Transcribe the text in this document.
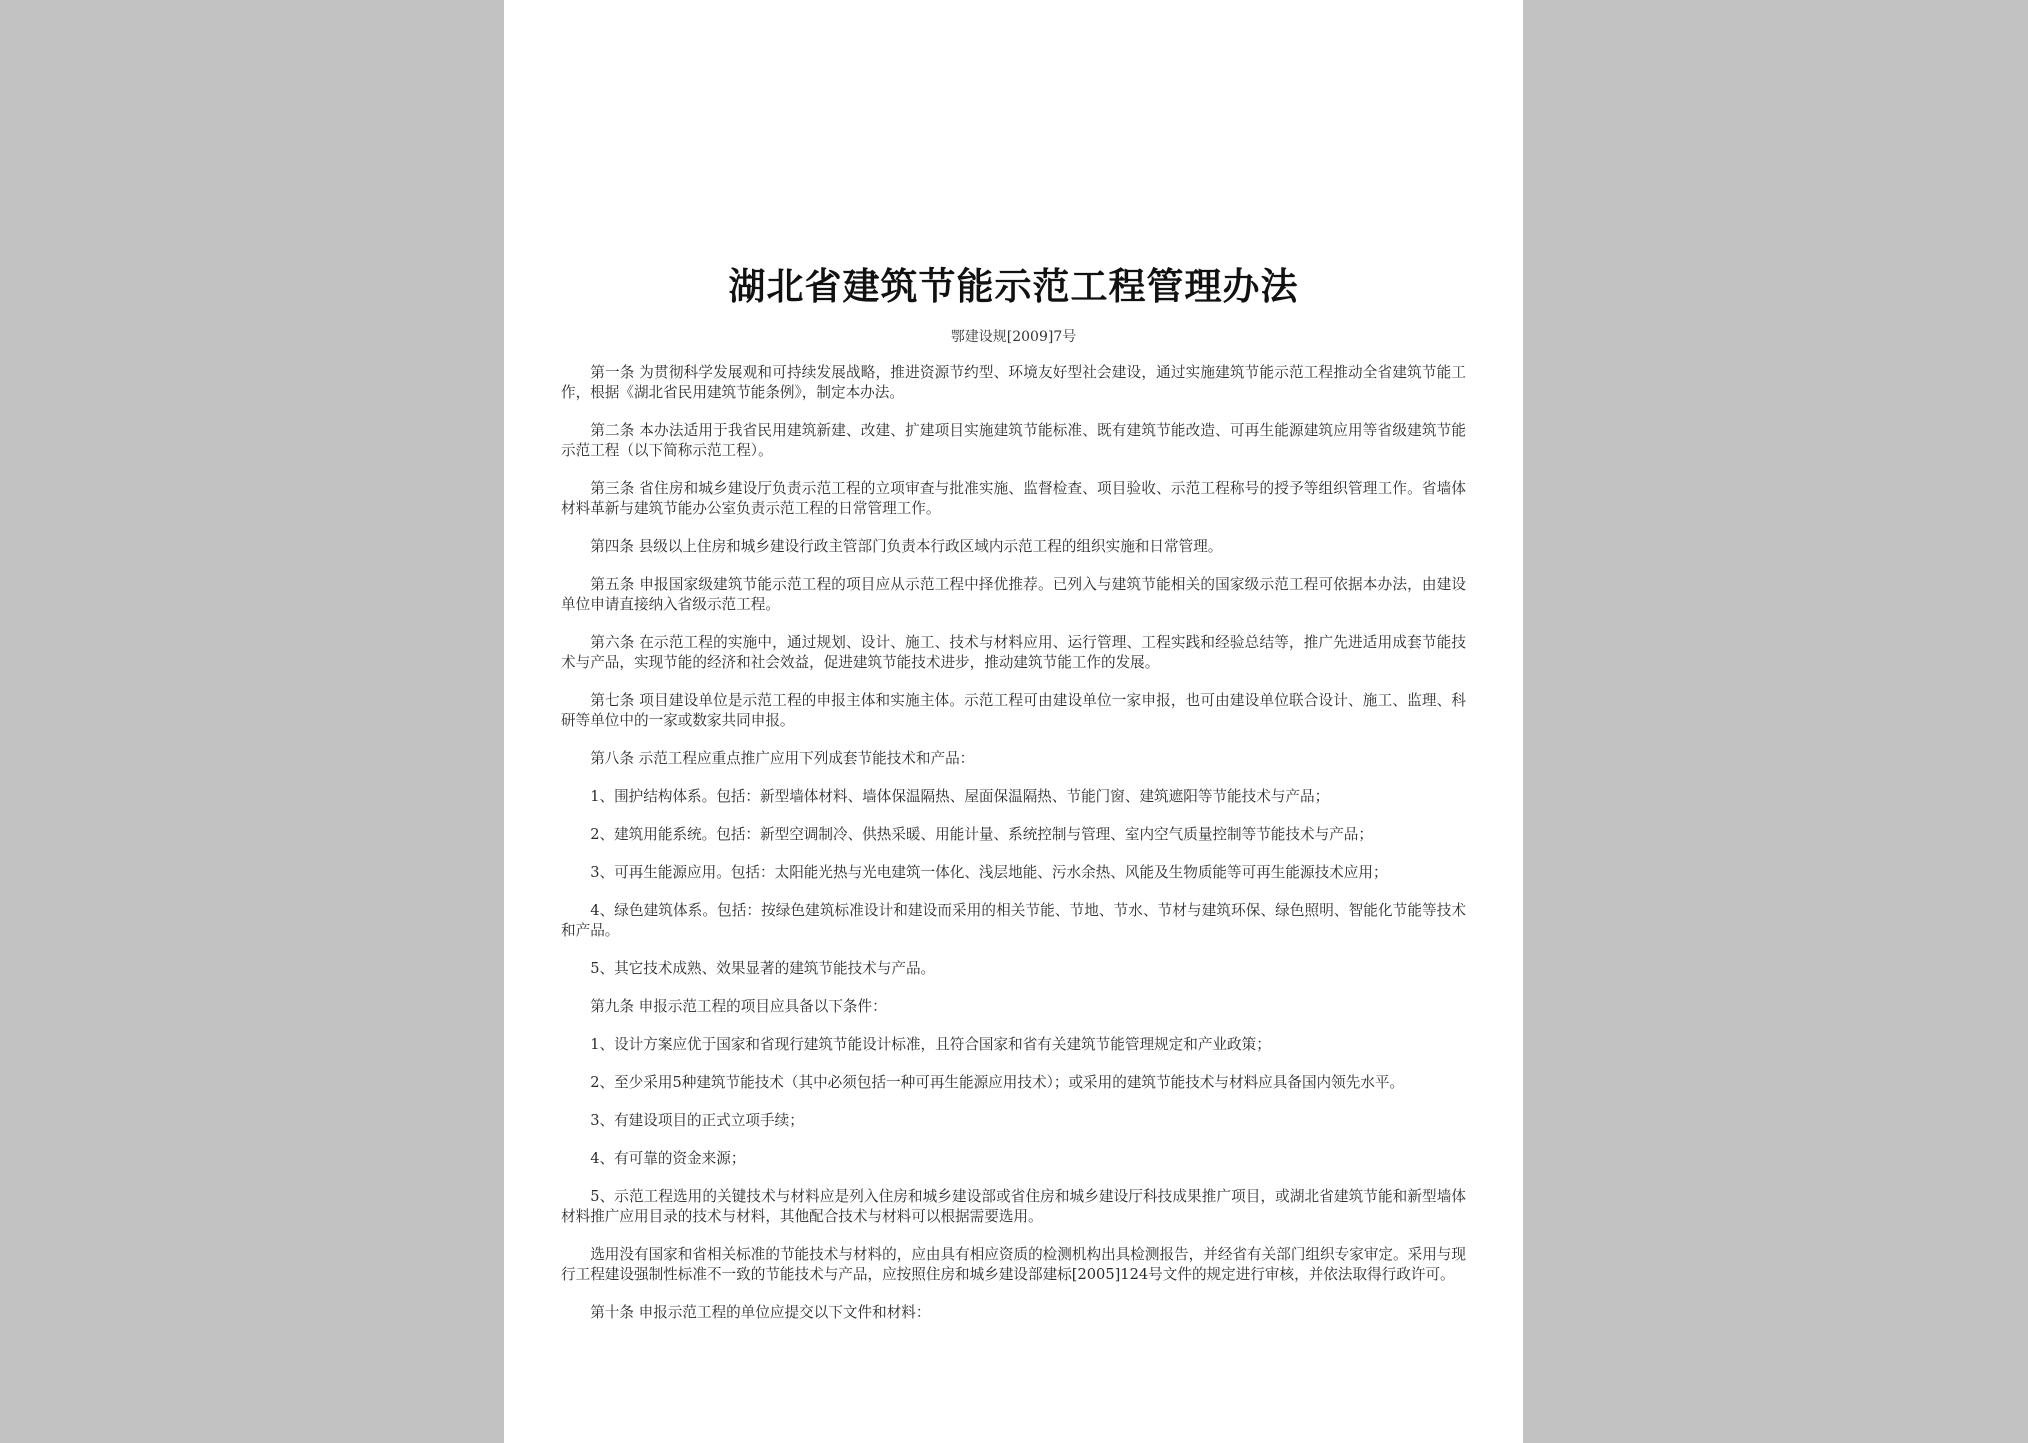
湖北省建筑节能示范工程管理办法
鄂建设规[2009]7号

第一条 为贯彻科学发展观和可持续发展战略，推进资源节约型、环境友好型社会建设，通过实施建筑节能示范工程推动全省建筑节能工作，根据《湖北省民用建筑节能条例》，制定本办法。

第二条 本办法适用于我省民用建筑新建、改建、扩建项目实施建筑节能标准、既有建筑节能改造、可再生能源建筑应用等省级建筑节能示范工程（以下简称示范工程）。

第三条 省住房和城乡建设厅负责示范工程的立项审查与批准实施、监督检查、项目验收、示范工程称号的授予等组织管理工作。省墙体材料革新与建筑节能办公室负责示范工程的日常管理工作。

第四条 县级以上住房和城乡建设行政主管部门负责本行政区域内示范工程的组织实施和日常管理。

第五条 申报国家级建筑节能示范工程的项目应从示范工程中择优推荐。已列入与建筑节能相关的国家级示范工程可依据本办法，由建设单位申请直接纳入省级示范工程。

第六条 在示范工程的实施中，通过规划、设计、施工、技术与材料应用、运行管理、工程实践和经验总结等，推广先进适用成套节能技术与产品，实现节能的经济和社会效益，促进建筑节能技术进步，推动建筑节能工作的发展。

第七条 项目建设单位是示范工程的申报主体和实施主体。示范工程可由建设单位一家申报，也可由建设单位联合设计、施工、监理、科研等单位中的一家或数家共同申报。

第八条 示范工程应重点推广应用下列成套节能技术和产品：

1、围护结构体系。包括：新型墙体材料、墙体保温隔热、屋面保温隔热、节能门窗、建筑遮阳等节能技术与产品；

2、建筑用能系统。包括：新型空调制冷、供热采暖、用能计量、系统控制与管理、室内空气质量控制等节能技术与产品；

3、可再生能源应用。包括：太阳能光热与光电建筑一体化、浅层地能、污水余热、风能及生物质能等可再生能源技术应用；

4、绿色建筑体系。包括：按绿色建筑标准设计和建设而采用的相关节能、节地、节水、节材与建筑环保、绿色照明、智能化节能等技术和产品。

5、其它技术成熟、效果显著的建筑节能技术与产品。

第九条 申报示范工程的项目应具备以下条件：

1、设计方案应优于国家和省现行建筑节能设计标准，且符合国家和省有关建筑节能管理规定和产业政策；

2、至少采用5种建筑节能技术（其中必须包括一种可再生能源应用技术）；或采用的建筑节能技术与材料应具备国内领先水平。

3、有建设项目的正式立项手续；

4、有可靠的资金来源；

5、示范工程选用的关键技术与材料应是列入住房和城乡建设部或省住房和城乡建设厅科技成果推广项目，或湖北省建筑节能和新型墙体材料推广应用目录的技术与材料，其他配合技术与材料可以根据需要选用。

选用没有国家和省相关标准的节能技术与材料的，应由具有相应资质的检测机构出具检测报告，并经省有关部门组织专家审定。采用与现行工程建设强制性标准不一致的节能技术与产品，应按照住房和城乡建设部建标[2005]124号文件的规定进行审核，并依法取得行政许可。

第十条 申报示范工程的单位应提交以下文件和材料：
